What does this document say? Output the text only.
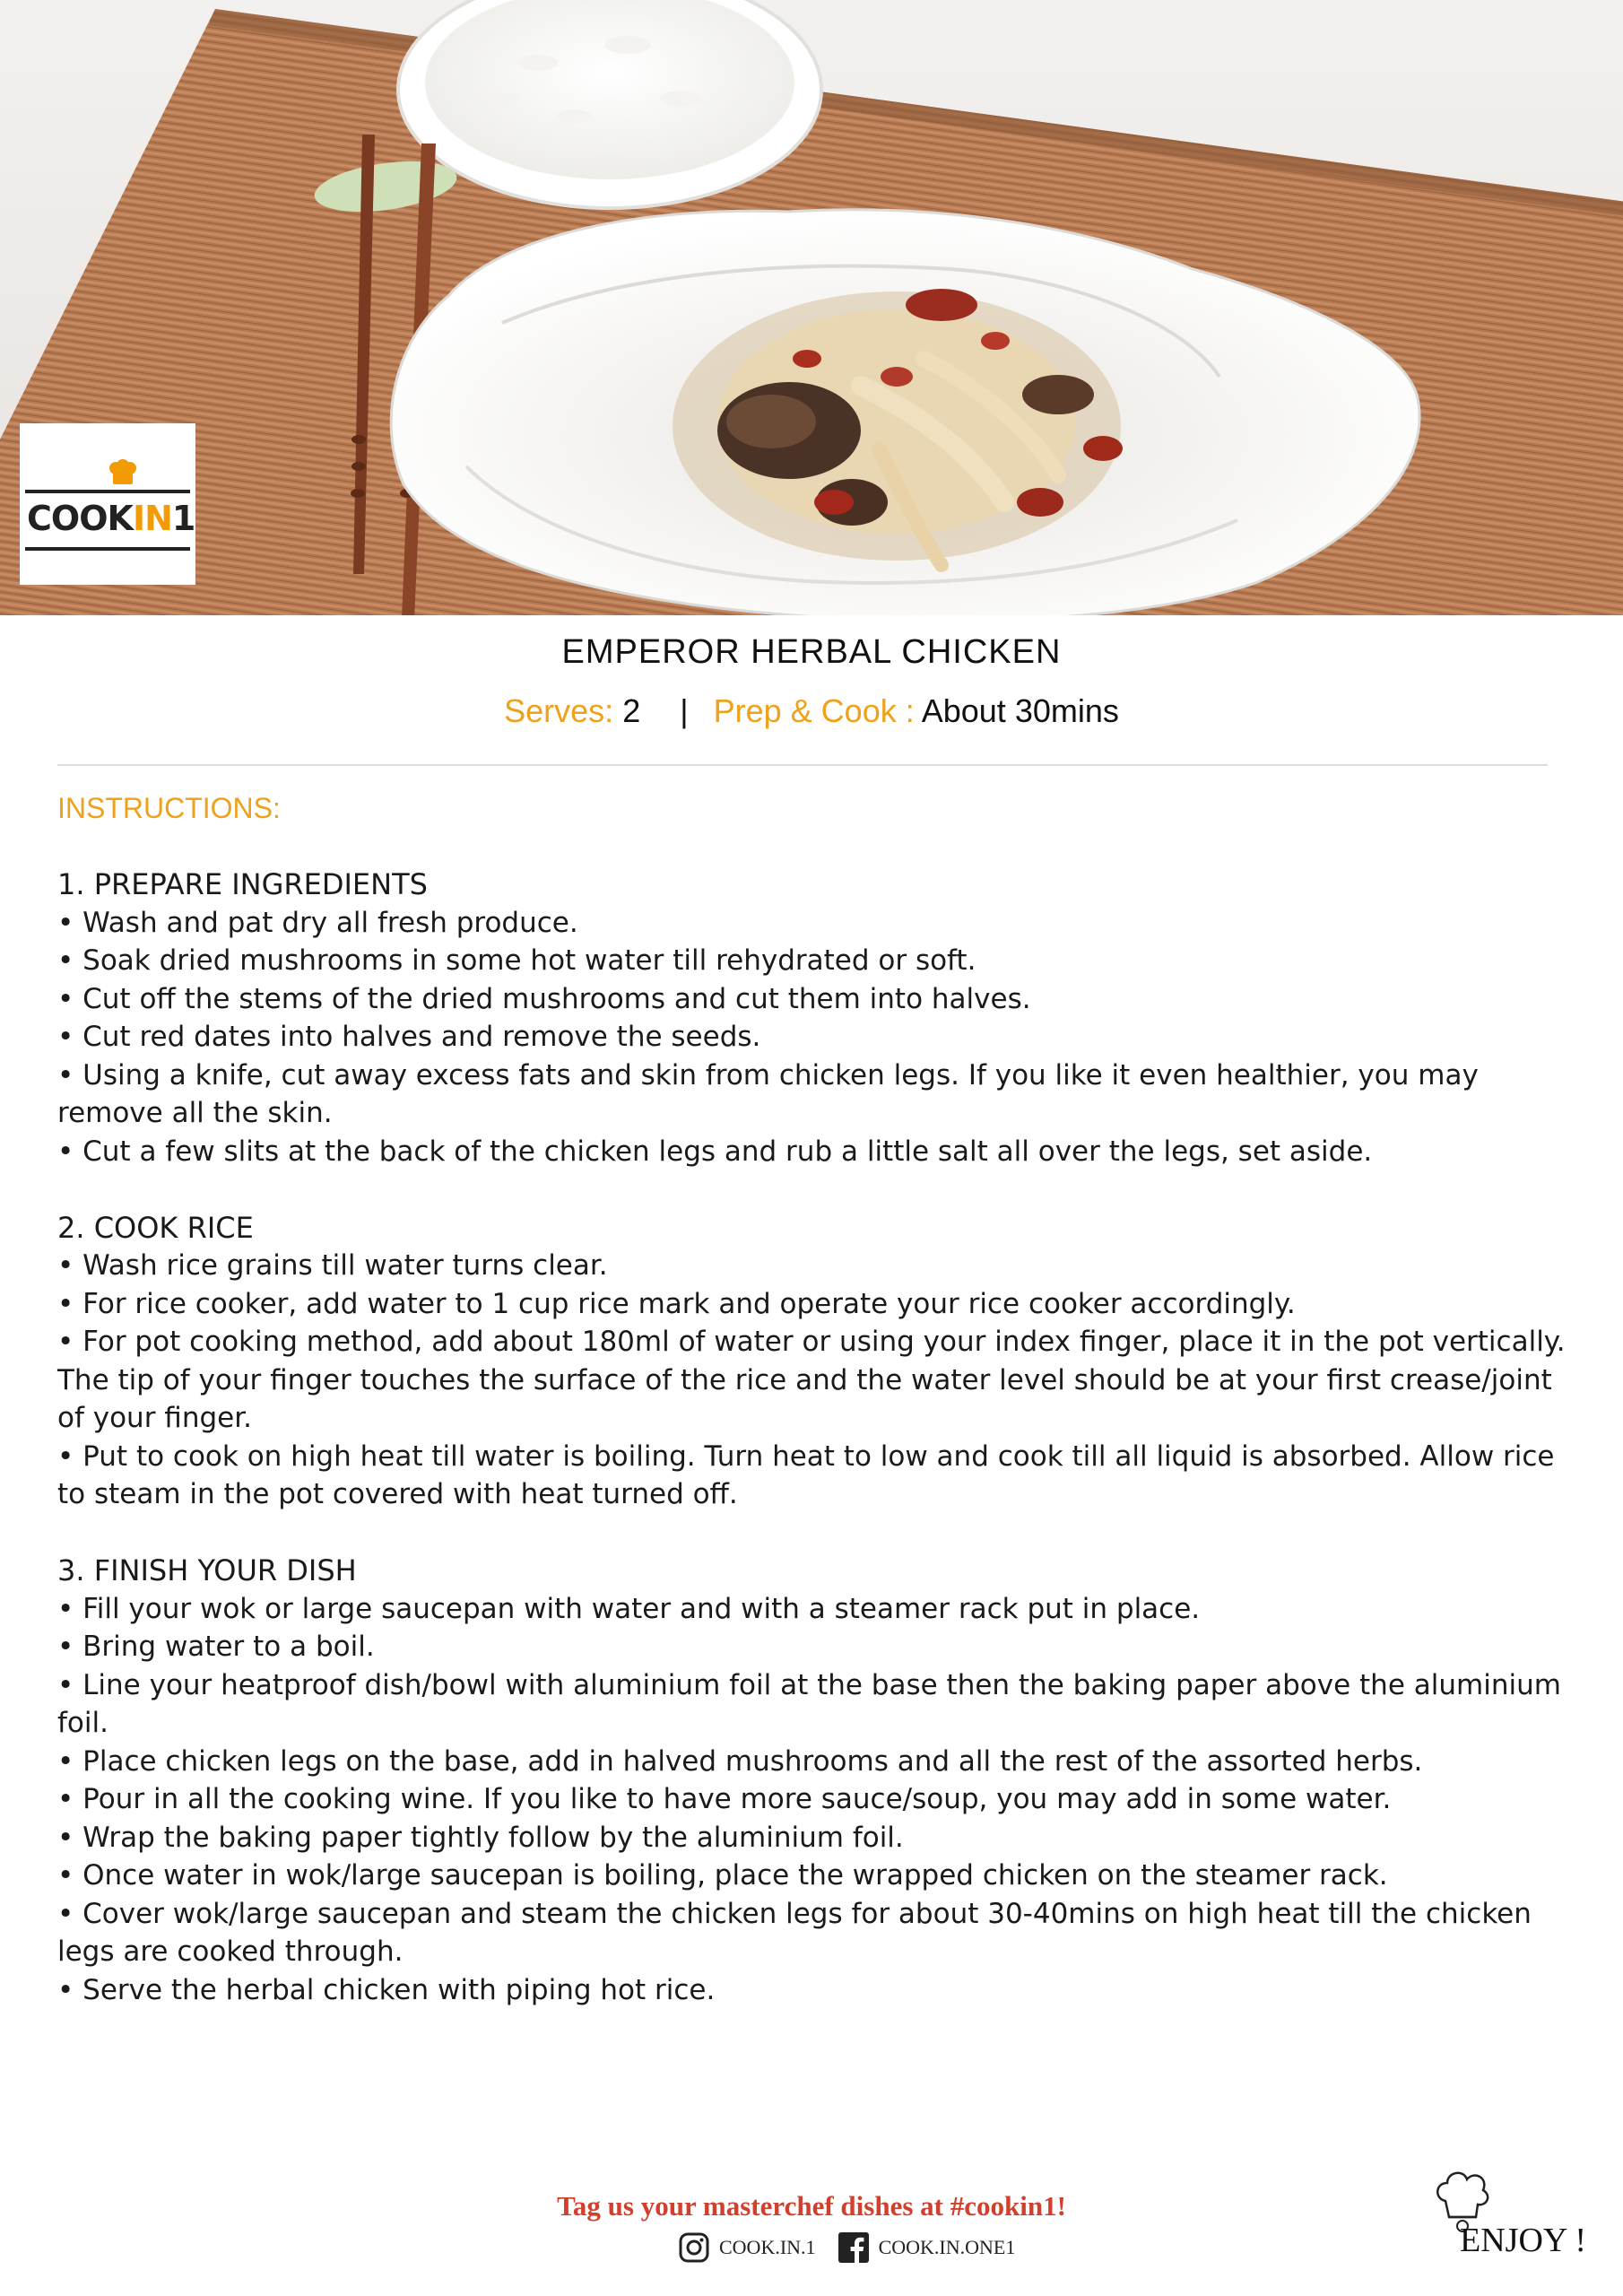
COOKIN1
EMPEROR HERBAL CHICKEN
Serves: 2 | Prep & Cook : About 30mins
INSTRUCTIONS:

1. PREPARE INGREDIENTS

• Wash and pat dry all fresh produce.

• Soak dried mushrooms in some hot water till rehydrated or soft.

• Cut off the stems of the dried mushrooms and cut them into halves.

• Cut red dates into halves and remove the seeds.

• Using a knife, cut away excess fats and skin from chicken legs. If you like it even healthier, you may remove all the skin.

• Cut a few slits at the back of the chicken legs and rub a little salt all over the legs, set aside.

2. COOK RICE

• Wash rice grains till water turns clear.

• For rice cooker, add water to 1 cup rice mark and operate your rice cooker accordingly.

• For pot cooking method, add about 180ml of water or using your index finger, place it in the pot vertically. The tip of your finger touches the surface of the rice and the water level should be at your first crease/joint of your finger.

• Put to cook on high heat till water is boiling. Turn heat to low and cook till all liquid is absorbed. Allow rice to steam in the pot covered with heat turned off.

3. FINISH YOUR DISH

• Fill your wok or large saucepan with water and with a steamer rack put in place.

• Bring water to a boil.

• Line your heatproof dish/bowl with aluminium foil at the base then the baking paper above the aluminium foil.

• Place chicken legs on the base, add in halved mushrooms and all the rest of the assorted herbs.

• Pour in all the cooking wine. If you like to have more sauce/soup, you may add in some water.

• Wrap the baking paper tightly follow by the aluminium foil.

• Once water in wok/large saucepan is boiling, place the wrapped chicken on the steamer rack.

• Cover wok/large saucepan and steam the chicken legs for about 30-40mins on high heat till the chicken legs are cooked through.

• Serve the herbal chicken with piping hot rice.

Tag us your masterchef dishes at #cookin1!
COOK.IN.1	COOK.IN.ONE1	ENJOY !
